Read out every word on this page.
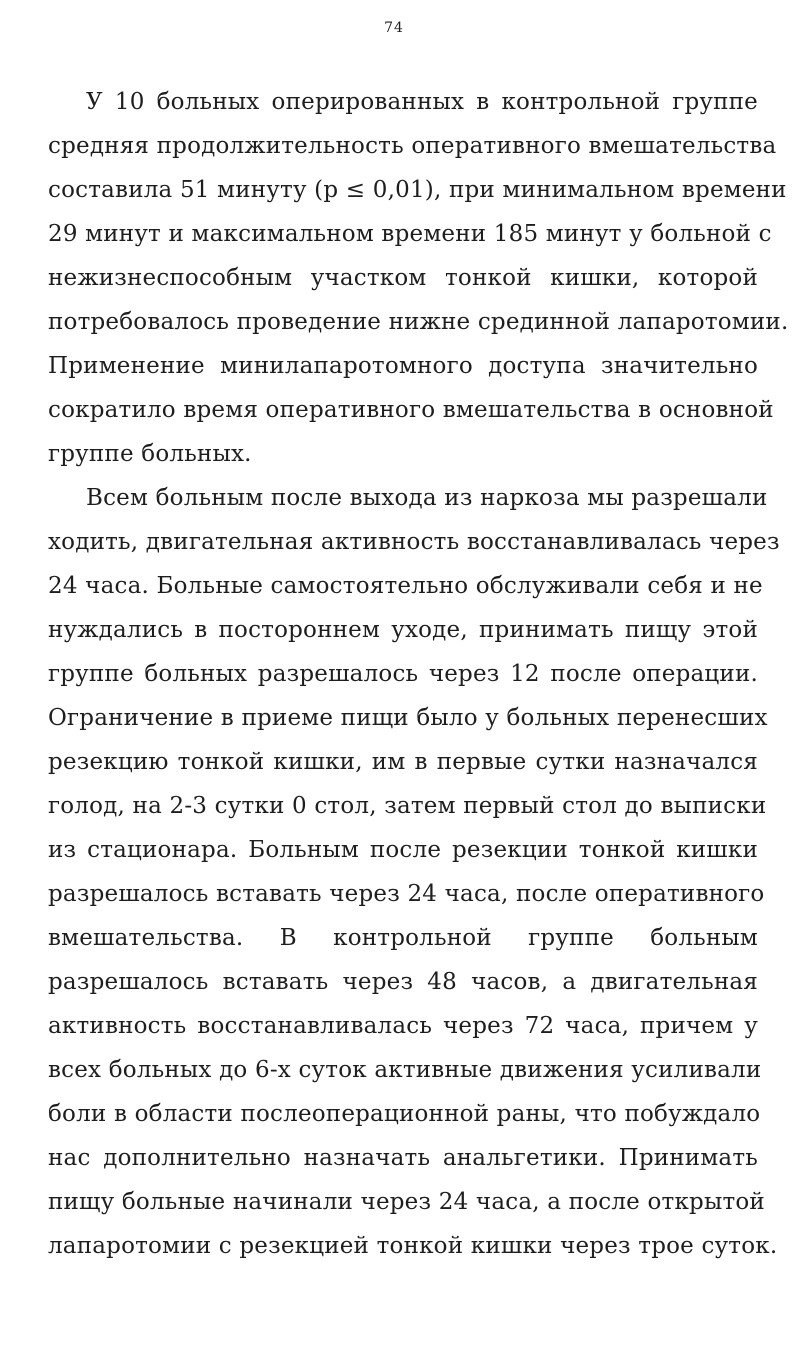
74
У 10 больных оперированных в контрольной группе
средняя продолжительность оперативного вмешательства
составила 51 минуту (p ≤ 0,01), при минимальном времени
29 минут и максимальном времени 185 минут у больной с
нежизнеспособным участком тонкой кишки, которой
потребовалось проведение нижне срединной лапаротомии.
Применение минилапаротомного доступа значительно
сократило время оперативного вмешательства в основной
группе больных.
Всем больным после выхода из наркоза мы разрешали
ходить, двигательная активность восстанавливалась через
24 часа. Больные самостоятельно обслуживали себя и не
нуждались в постороннем уходе, принимать пищу этой
группе больных разрешалось через 12 после операции.
Ограничение в приеме пищи было у больных перенесших
резекцию тонкой кишки, им в первые сутки назначался
голод, на 2-3 сутки 0 стол, затем первый стол до выписки
из стационара. Больным после резекции тонкой кишки
разрешалось вставать через 24 часа, после оперативного
вмешательства. В контрольной группе больным
разрешалось вставать через 48 часов, а двигательная
активность восстанавливалась через 72 часа, причем у
всех больных до 6-х суток активные движения усиливали
боли в области послеоперационной раны, что побуждало
нас дополнительно назначать анальгетики. Принимать
пищу больные начинали через 24 часа, а после открытой
лапаротомии с резекцией тонкой кишки через трое суток.
